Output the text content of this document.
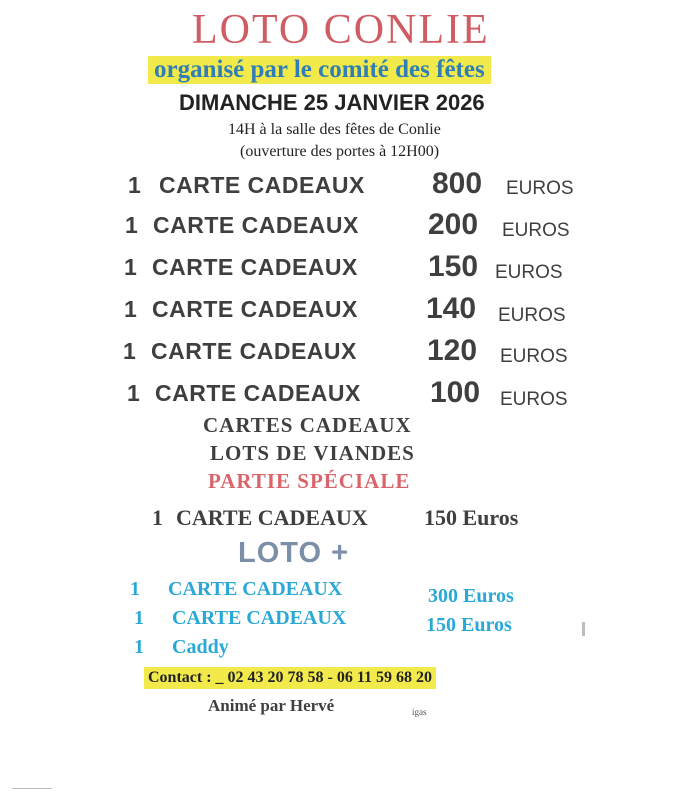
LOTO CONLIE
organisé par le comité des fêtes
DIMANCHE 25 JANVIER 2026
14H à la salle des fêtes de Conlie
(ouverture des portes à 12H00)
1 CARTE CADEAUX 800 EUROS
1 CARTE CADEAUX 200 EUROS
1 CARTE CADEAUX 150 EUROS
1 CARTE CADEAUX 140 EUROS
1 CARTE CADEAUX 120 EUROS
1 CARTE CADEAUX 100 EUROS
CARTES CADEAUX
LOTS DE VIANDES
PARTIE SPÉCIALE
1 CARTE CADEAUX	150 Euros
LOTO +
1 CARTE CADEAUX	300 Euros
1 CARTE CADEAUX	150 Euros
1 Caddy
Contact : _ 02 43 20 78 58 - 06 11 59 68 20
Animé par Hervé	igas
